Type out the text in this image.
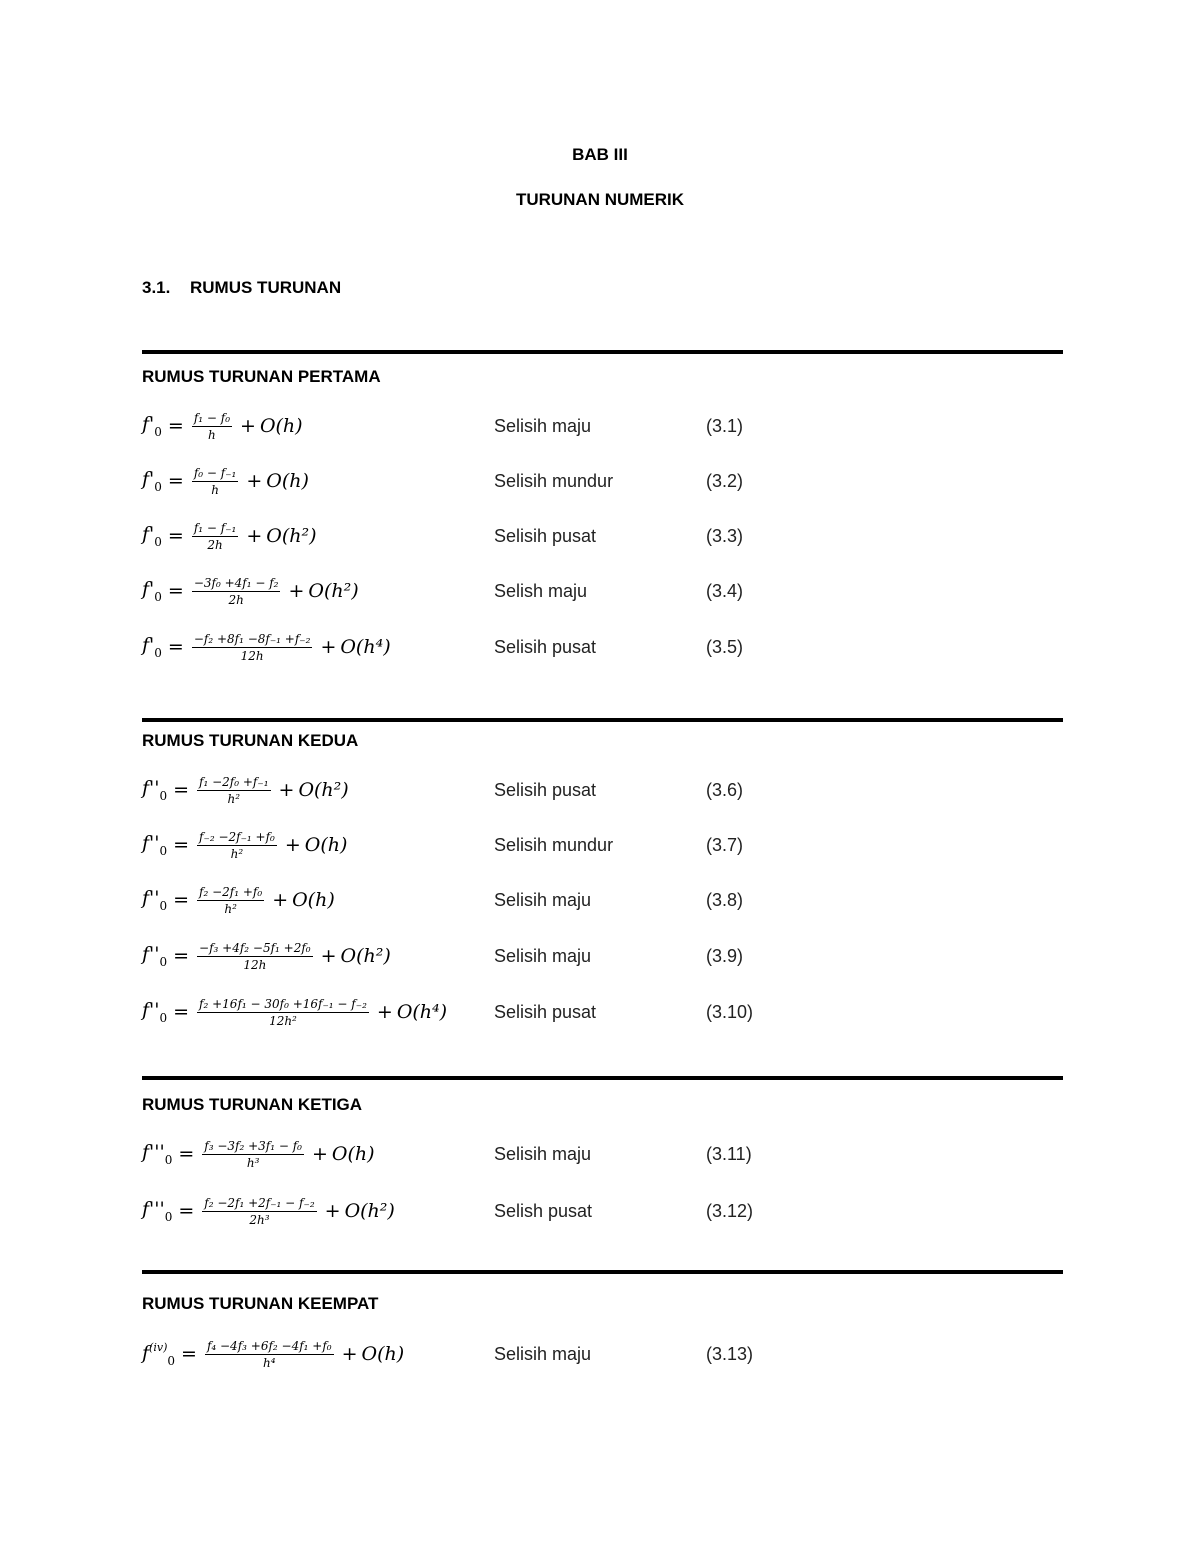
BAB III
TURUNAN NUMERIK
3.1. RUMUS TURUNAN
RUMUS TURUNAN PERTAMA
$f'_0 = \frac{\text{f₁ − f₀}}{h} + O(h)$	Selisih maju	(3.1)
$f'_0 = \frac{\text{f₀ − f₋₁}}{h} + O(h)$	Selisih mundur	(3.2)
$f'_0 = \frac{\text{f₁ − f₋₁}}{2h} + O(h^2)$	Selisih pusat	(3.3)
$f'_0 = \frac{\text{−3f₀ +4f₁ − f₂}}{2h} + O(h^2)$	Selish maju	(3.4)
$f'_0 = \frac{\text{−f₂ +8f₁ −8f₋₁ +f₋₂}}{12h} + O(h^4)$	Selisih pusat	(3.5)
RUMUS TURUNAN KEDUA
$f''_0 = \frac{\text{f₁ −2f₀ +f₋₁}}{\text{h²}} + O(h^2)$	Selisih pusat	(3.6)
$f''_0 = \frac{\text{f₋₂ −2f₋₁ +f₀}}{\text{h²}} + O(h)$	Selisih mundur	(3.7)
$f''_0 = \frac{\text{f₂ −2f₁ +f₀}}{\text{h²}} + O(h)$	Selisih maju	(3.8)
$f''_0 = \frac{\text{−f₃ +4f₂ −5f₁ +2f₀}}{12h} + O(h^2)$	Selisih maju	(3.9)
$f''_0 = \frac{\text{f₂ +16f₁ − 30f₀ +16f₋₁ − f₋₂}}{\text{12h²}} + O(h^4)$	Selisih pusat	(3.10)
RUMUS TURUNAN KETIGA
$f'''_0 = \frac{\text{f₃ −3f₂ +3f₁ − f₀}}{\text{h³}} + O(h)$	Selisih maju	(3.11)
$f'''_0 = \frac{\text{f₂ −2f₁ +2f₋₁ − f₋₂}}{\text{2h³}} + O(h^2)$	Selish pusat	(3.12)
RUMUS TURUNAN KEEMPAT
$f^{(iv)}_0 = \frac{\text{f₄ −4f₃ +6f₂ −4f₁ +f₀}}{\text{h⁴}} + O(h)$	Selisih maju	(3.13)
